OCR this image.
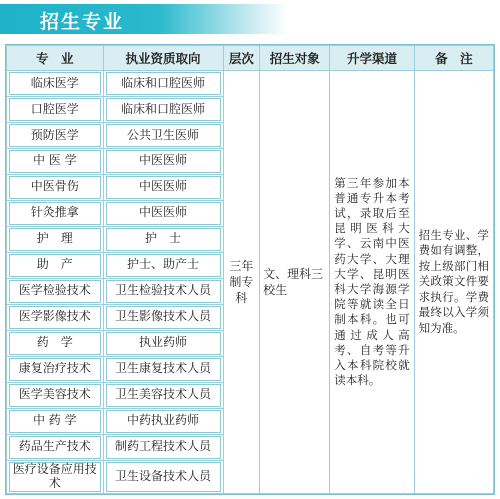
招生专业
专　业	执业资质取向	层次	招生对象	升学渠道	备　注

临床医学	临床和口腔医师	三年制专科	文、理科三校生	第三年参加本普通专升本考试，录取后至昆明医科大学、云南中医药大学、大理大学、昆明医科大学海源学院等就读全日制本科。也可通过成人高考、自考等升入本科院校就读本科。	招生专业、学费如有调整，按上级部门相关政策文件要求执行。学费最终以入学须知为准。

口腔医学	临床和口腔医师				

预防医学	公共卫生医师				

中 医 学	中医医师				

中医骨伤	中医医师				

针灸推拿	中医医师				

护　理	护　士				

助　产	护士、助产士				

医学检验技术	卫生检验技术人员				

医学影像技术	卫生影像技术人员				

药　学	执业药师				

康复治疗技术	卫生康复技术人员				

医学美容技术	卫生美容技术人员				

中 药 学	中药执业药师				

药品生产技术	制药工程技术人员				

医疗设备应用技术	卫生设备技术人员				
